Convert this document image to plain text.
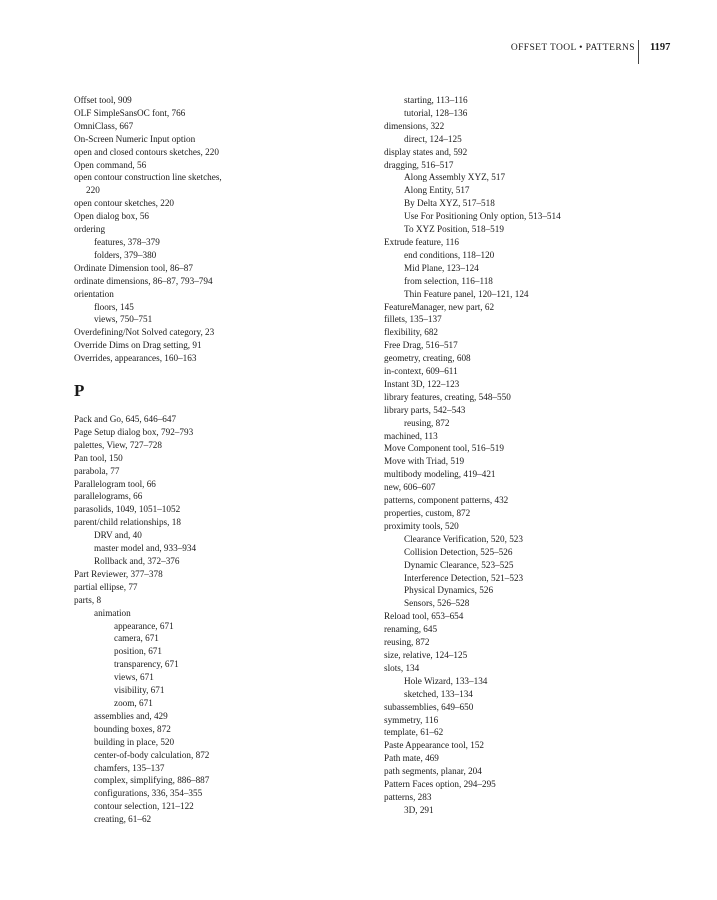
OFFSET TOOL • PATTERNS 1197
Offset tool, 909
OLF SimpleSansOC font, 766
OmniClass, 667
On-Screen Numeric Input option
open and closed contours sketches, 220
Open command, 56
open contour construction line sketches,
220
open contour sketches, 220
Open dialog box, 56
ordering
features, 378–379
folders, 379–380
Ordinate Dimension tool, 86–87
ordinate dimensions, 86–87, 793–794
orientation
floors, 145
views, 750–751
Overdefining/Not Solved category, 23
Override Dims on Drag setting, 91
Overrides, appearances, 160–163
P
Pack and Go, 645, 646–647
Page Setup dialog box, 792–793
palettes, View, 727–728
Pan tool, 150
parabola, 77
Parallelogram tool, 66
parallelograms, 66
parasolids, 1049, 1051–1052
parent/child relationships, 18
DRV and, 40
master model and, 933–934
Rollback and, 372–376
Part Reviewer, 377–378
partial ellipse, 77
parts, 8
animation
appearance, 671
camera, 671
position, 671
transparency, 671
views, 671
visibility, 671
zoom, 671
assemblies and, 429
bounding boxes, 872
building in place, 520
center-of-body calculation, 872
chamfers, 135–137
complex, simplifying, 886–887
configurations, 336, 354–355
contour selection, 121–122
creating, 61–62
starting, 113–116
tutorial, 128–136
dimensions, 322
direct, 124–125
display states and, 592
dragging, 516–517
Along Assembly XYZ, 517
Along Entity, 517
By Delta XYZ, 517–518
Use For Positioning Only option, 513–514
To XYZ Position, 518–519
Extrude feature, 116
end conditions, 118–120
Mid Plane, 123–124
from selection, 116–118
Thin Feature panel, 120–121, 124
FeatureManager, new part, 62
fillets, 135–137
flexibility, 682
Free Drag, 516–517
geometry, creating, 608
in-context, 609–611
Instant 3D, 122–123
library features, creating, 548–550
library parts, 542–543
reusing, 872
machined, 113
Move Component tool, 516–519
Move with Triad, 519
multibody modeling, 419–421
new, 606–607
patterns, component patterns, 432
properties, custom, 872
proximity tools, 520
Clearance Verification, 520, 523
Collision Detection, 525–526
Dynamic Clearance, 523–525
Interference Detection, 521–523
Physical Dynamics, 526
Sensors, 526–528
Reload tool, 653–654
renaming, 645
reusing, 872
size, relative, 124–125
slots, 134
Hole Wizard, 133–134
sketched, 133–134
subassemblies, 649–650
symmetry, 116
template, 61–62
Paste Appearance tool, 152
Path mate, 469
path segments, planar, 204
Pattern Faces option, 294–295
patterns, 283
3D, 291
